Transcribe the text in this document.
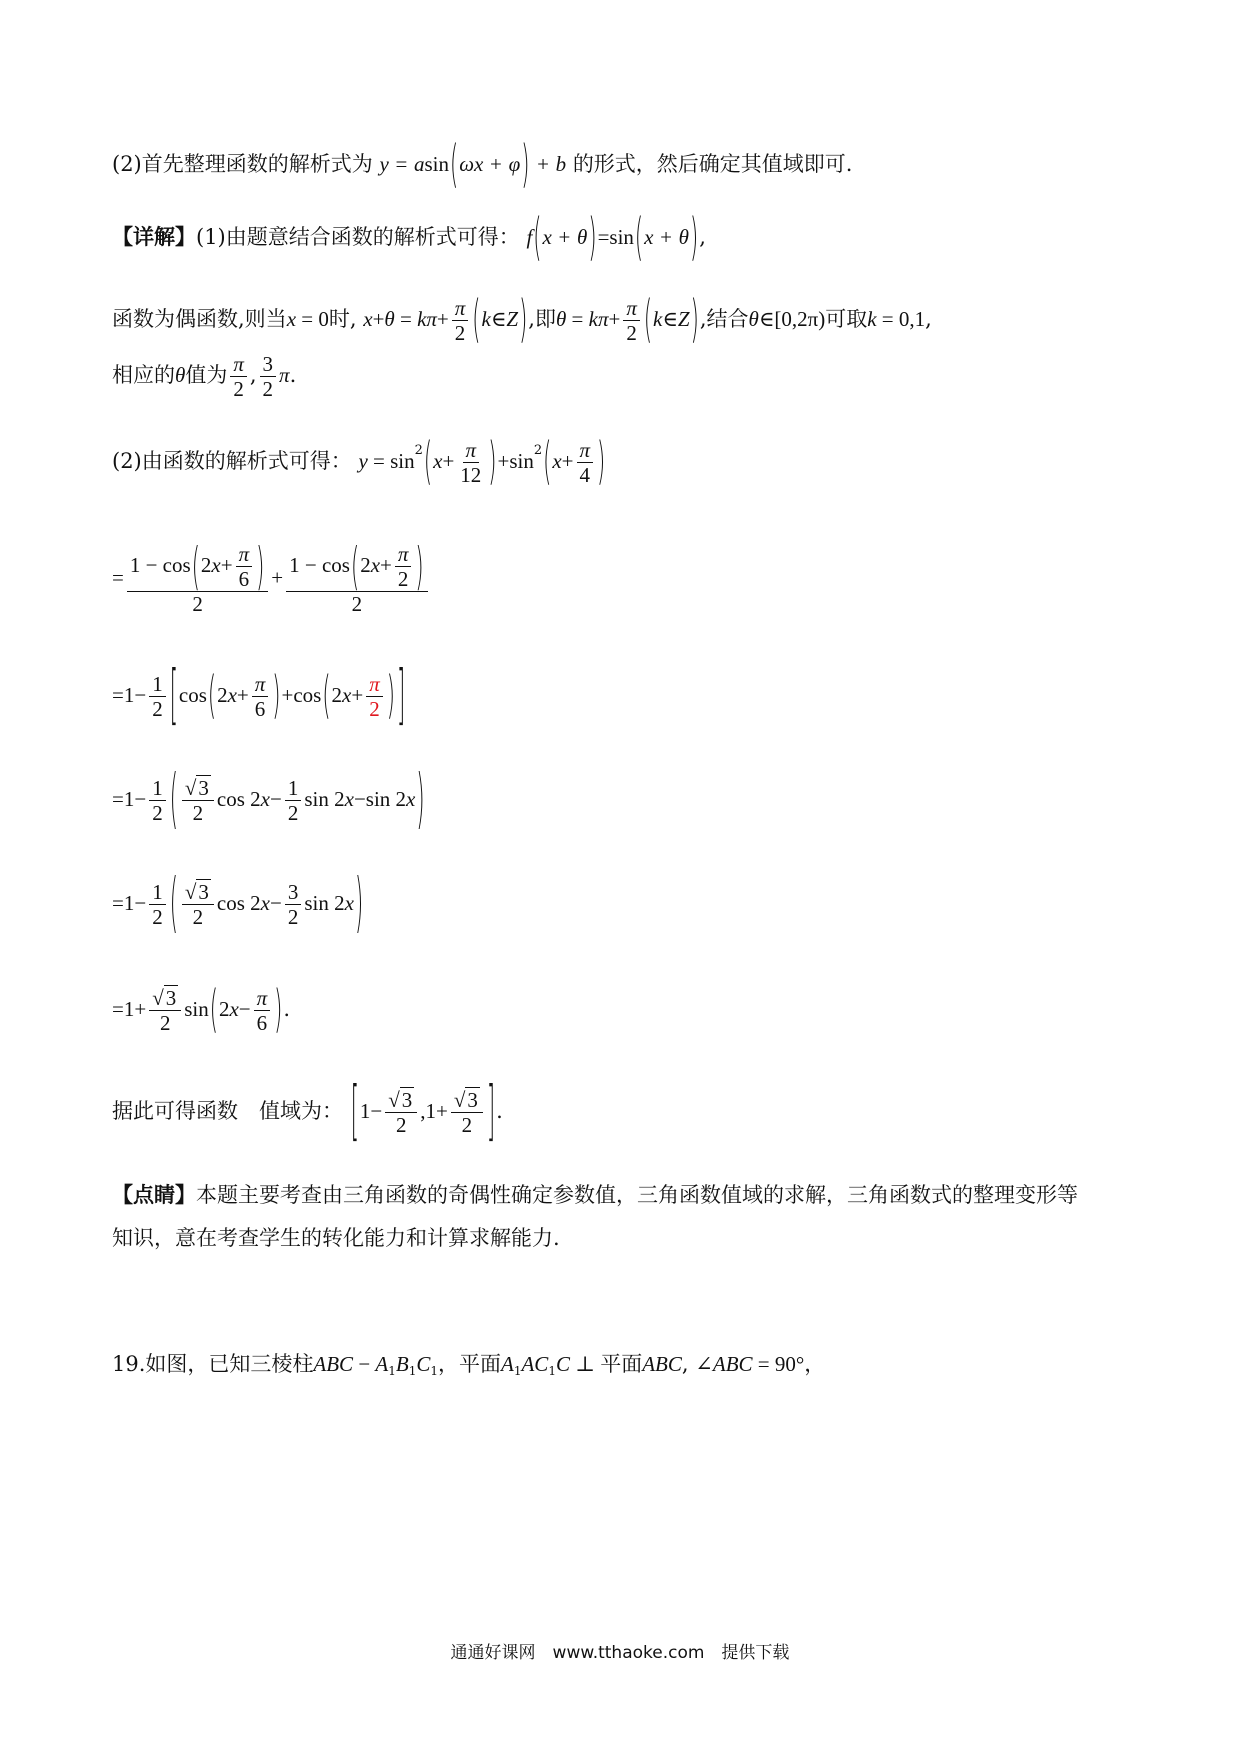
(2)首先整理函数的解析式为 y = asin(ωx + φ) + b 的形式，然后确定其值域即可.
【详解】(1)由题意结合函数的解析式可得： f(x + θ)=sin(x + θ),
函数为偶函数,则当x = 0时, $x+\theta = k\pi+ \frac{\pi}{2}$ (k∈Z),即$\theta = k\pi+ \frac{\pi}{2}$ (k∈Z),结合θ∈[0,2π)可取k = 0,1,
相应的θ值为 $\frac{\pi}{2}$ , $\frac{3}{2} \pi$.
(2)由函数的解析式可得： $y = \sin^2(x+ \frac{\pi}{12} )+\sin^2(x+ \frac{\pi}{4}$ )
= $\frac{1 - \cos(2x+ \frac{\pi}{6} )}{2} + \frac{1 - \cos(2x+ \frac{\pi}{2} )}{2}$
$=1- \frac{1}{2} [\cos(2x+ \frac{\pi}{6} )+\cos(2x+ \frac{\pi}{2}$ )]
$=1- \frac{1}{2}$ ( $\frac{√3}{2}$ $\cos 2x- \frac{1}{2}$ sin 2x−sin 2x)
$=1- \frac{1}{2}$ ( $\frac{√3}{2}$ $\cos 2x- \frac{3}{2}$ sin 2x)
$=1+ \frac{√3}{2} \sin(2x- \frac{\pi}{6}$ ).
据此可得函数　值域为： [$1- \frac{√3}{2} ,1+ \frac{√3}{2}$ ].
【点睛】本题主要考查由三角函数的奇偶性确定参数值，三角函数值域的求解，三角函数式的整理变形等
知识，意在考查学生的转化能力和计算求解能力.
19.如图，已知三棱柱ABC − $A_1B_1C_1$，平面$A_1AC_1C$ ⊥ 平面ABC, ∠ABC = 90°，
通通好课网　www.tthaoke.com　提供下载
